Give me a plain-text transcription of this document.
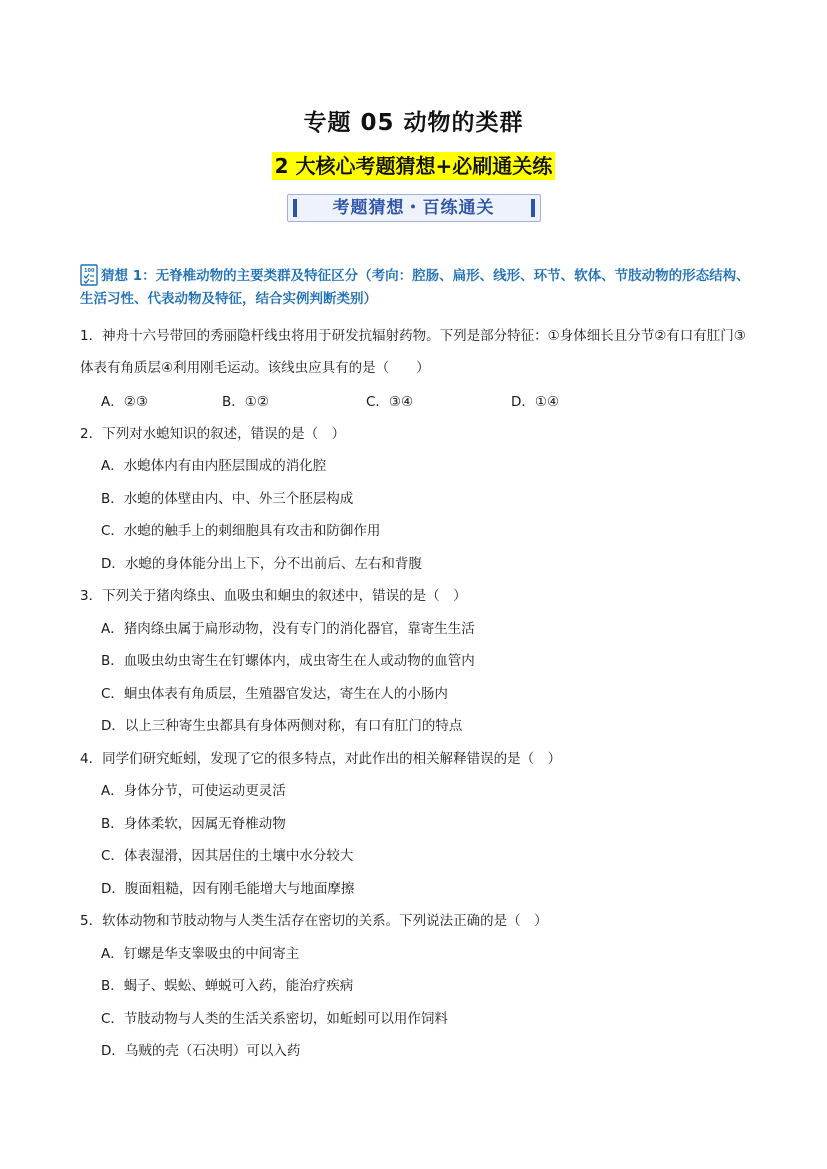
专题 05 动物的类群
2 大核心考题猜想+必刷通关练
考题猜想・百练通关
100 猜想 1：无脊椎动物的主要类群及特征区分（考向：腔肠、扁形、线形、环节、软体、节肢动物的形态结构、生活习性、代表动物及特征，结合实例判断类别）
1．神舟十六号带回的秀丽隐杆线虫将用于研发抗辐射药物。下列是部分特征：①身体细长且分节②有口有肛门③体表有角质层④利用刚毛运动。该线虫应具有的是（　　）
A．②③	B．①②	C．③④	D．①④
2．下列对水螅知识的叙述，错误的是（　）
A．水螅体内有由内胚层围成的消化腔
B．水螅的体壁由内、中、外三个胚层构成
C．水螅的触手上的刺细胞具有攻击和防御作用
D．水螅的身体能分出上下，分不出前后、左右和背腹
3．下列关于猪肉绦虫、血吸虫和蛔虫的叙述中，错误的是（　）
A．猪肉绦虫属于扁形动物，没有专门的消化器官，靠寄生生活
B．血吸虫幼虫寄生在钉螺体内，成虫寄生在人或动物的血管内
C．蛔虫体表有角质层，生殖器官发达，寄生在人的小肠内
D．以上三种寄生虫都具有身体两侧对称，有口有肛门的特点
4．同学们研究蚯蚓，发现了它的很多特点，对此作出的相关解释错误的是（　）
A．身体分节，可使运动更灵活
B．身体柔软，因属无脊椎动物
C．体表湿滑，因其居住的土壤中水分较大
D．腹面粗糙，因有刚毛能增大与地面摩擦
5．软体动物和节肢动物与人类生活存在密切的关系。下列说法正确的是（　）
A．钉螺是华支睾吸虫的中间寄主
B．蝎子、蜈蚣、蝉蜕可入药，能治疗疾病
C．节肢动物与人类的生活关系密切，如蚯蚓可以用作饲料
D．乌贼的壳（石决明）可以入药
